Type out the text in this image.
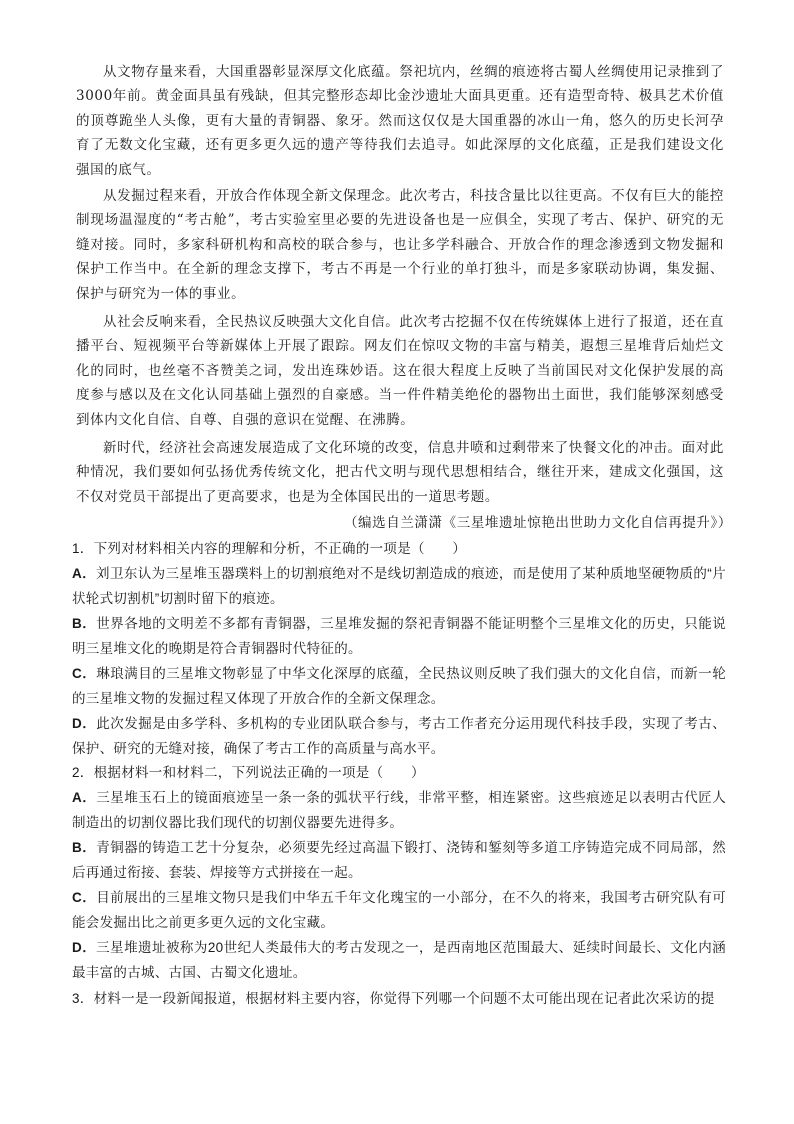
从文物存量来看，大国重器彰显深厚文化底蕴。祭祀坑内，丝绸的痕迹将古蜀人丝绸使用记录推到了3000年前。黄金面具虽有残缺，但其完整形态却比金沙遗址大面具更重。还有造型奇特、极具艺术价值的顶尊跪坐人头像，更有大量的青铜器、象牙。然而这仅仅是大国重器的冰山一角，悠久的历史长河孕育了无数文化宝藏，还有更多更久远的遗产等待我们去追寻。如此深厚的文化底蕴，正是我们建设文化强国的底气。
从发掘过程来看，开放合作体现全新文保理念。此次考古，科技含量比以往更高。不仅有巨大的能控制现场温湿度的“考古舱”，考古实验室里必要的先进设备也是一应俱全，实现了考古、保护、研究的无缝对接。同时，多家科研机构和高校的联合参与，也让多学科融合、开放合作的理念渗透到文物发掘和保护工作当中。在全新的理念支撑下，考古不再是一个行业的单打独斗，而是多家联动协调，集发掘、保护与研究为一体的事业。
从社会反响来看，全民热议反映强大文化自信。此次考古挖掘不仅在传统媒体上进行了报道，还在直播平台、短视频平台等新媒体上开展了跟踪。网友们在惊叹文物的丰富与精美，遐想三星堆背后灿烂文化的同时，也丝毫不吝赞美之词，发出连珠妙语。这在很大程度上反映了当前国民对文化保护发展的高度参与感以及在文化认同基础上强烈的自豪感。当一件件精美绝伦的器物出土面世，我们能够深刻感受到体内文化自信、自尊、自强的意识在觉醒、在沸腾。
新时代，经济社会高速发展造成了文化环境的改变，信息井喷和过剩带来了快餐文化的冲击。面对此种情况，我们要如何弘扬优秀传统文化，把古代文明与现代思想相结合，继往开来，建成文化强国，这不仅对党员干部提出了更高要求，也是为全体国民出的一道思考题。
（编选自兰潇潇《三星堆遗址惊艳出世助力文化自信再提升》）
1．下列对材料相关内容的理解和分析，不正确的一项是（　　）
A．刘卫东认为三星堆玉器璞料上的切割痕绝对不是线切割造成的痕迹，而是使用了某种质地坚硬物质的“片状轮式切割机”切割时留下的痕迹。
B．世界各地的文明差不多都有青铜器，三星堆发掘的祭祀青铜器不能证明整个三星堆文化的历史，只能说明三星堆文化的晚期是符合青铜器时代特征的。
C．琳琅满目的三星堆文物彰显了中华文化深厚的底蕴，全民热议则反映了我们强大的文化自信，而新一轮的三星堆文物的发掘过程又体现了开放合作的全新文保理念。
D．此次发掘是由多学科、多机构的专业团队联合参与，考古工作者充分运用现代科技手段，实现了考古、保护、研究的无缝对接，确保了考古工作的高质量与高水平。
2．根据材料一和材料二，下列说法正确的一项是（　　）
A．三星堆玉石上的镜面痕迹呈一条一条的弧状平行线，非常平整，相连紧密。这些痕迹足以表明古代匠人制造出的切割仪器比我们现代的切割仪器要先进得多。
B．青铜器的铸造工艺十分复杂，必须要先经过高温下锻打、浇铸和錾刻等多道工序铸造完成不同局部，然后再通过衔接、套装、焊接等方式拼接在一起。
C．目前展出的三星堆文物只是我们中华五千年文化瑰宝的一小部分，在不久的将来，我国考古研究队有可能会发掘出比之前更多更久远的文化宝藏。
D．三星堆遗址被称为20世纪人类最伟大的考古发现之一，是西南地区范围最大、延续时间最长、文化内涵最丰富的古城、古国、古蜀文化遗址。
3．材料一是一段新闻报道，根据材料主要内容，你觉得下列哪一个问题不太可能出现在记者此次采访的提
